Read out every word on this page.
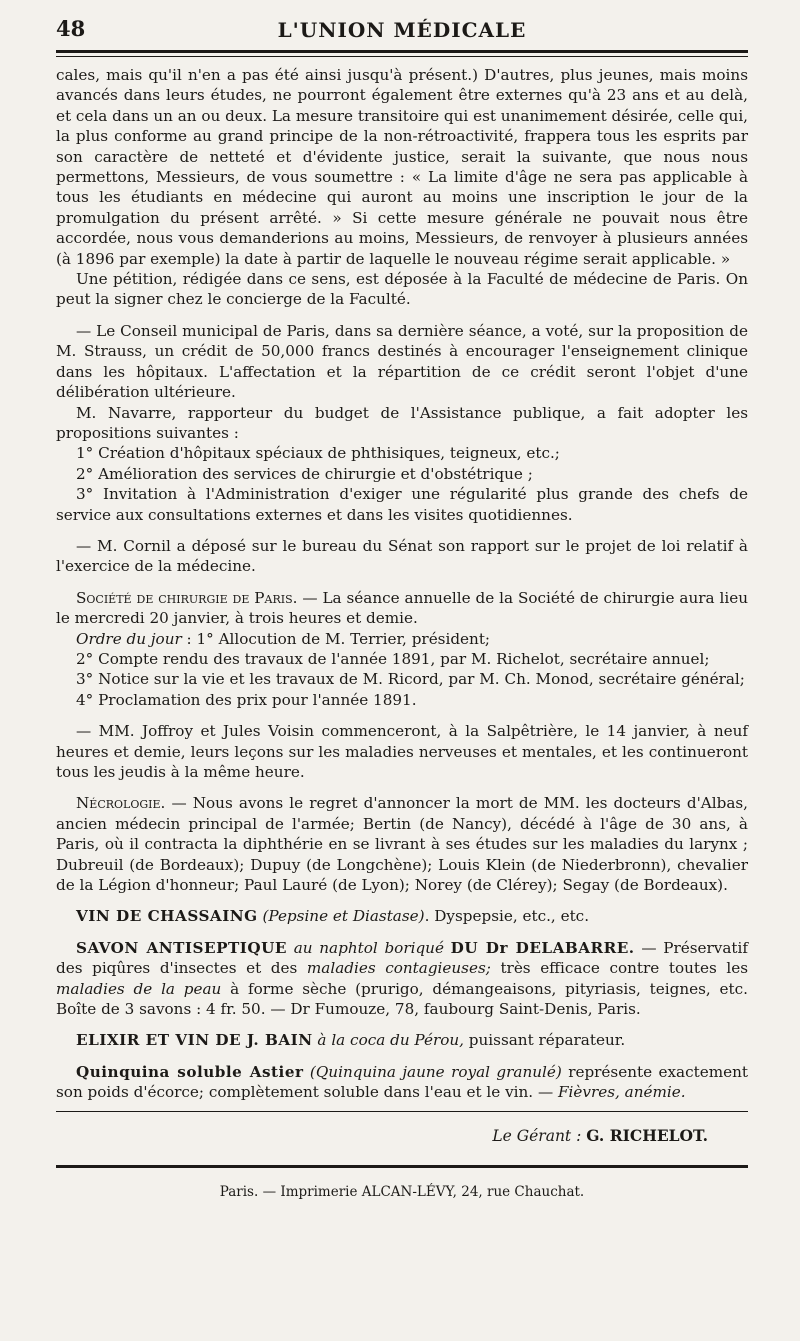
48	L'UNION MÉDICALE

cales, mais qu'il n'en a pas été ainsi jusqu'à présent.) D'autres, plus jeunes, mais moins avancés dans leurs études, ne pourront également être externes qu'à 23 ans et au delà, et cela dans un an ou deux. La mesure transitoire qui est unanimement désirée, celle qui, la plus conforme au grand principe de la non-rétroactivité, frappera tous les esprits par son caractère de netteté et d'évidente justice, serait la suivante, que nous nous permettons, Messieurs, de vous soumettre : « La limite d'âge ne sera pas applicable à tous les étudiants en médecine qui auront au moins une inscription le jour de la promulgation du présent arrêté. » Si cette mesure générale ne pouvait nous être accordée, nous vous demanderions au moins, Messieurs, de renvoyer à plusieurs années (à 1896 par exemple) la date à partir de laquelle le nouveau régime serait applicable. »

Une pétition, rédigée dans ce sens, est déposée à la Faculté de médecine de Paris. On peut la signer chez le concierge de la Faculté.

— Le Conseil municipal de Paris, dans sa dernière séance, a voté, sur la proposition de M. Strauss, un crédit de 50,000 francs destinés à encourager l'enseignement clinique dans les hôpitaux. L'affectation et la répartition de ce crédit seront l'objet d'une délibération ultérieure.

M. Navarre, rapporteur du budget de l'Assistance publique, a fait adopter les propositions suivantes :

1° Création d'hôpitaux spéciaux de phthisiques, teigneux, etc.;

2° Amélioration des services de chirurgie et d'obstétrique ;

3° Invitation à l'Administration d'exiger une régularité plus grande des chefs de service aux consultations externes et dans les visites quotidiennes.

— M. Cornil a déposé sur le bureau du Sénat son rapport sur le projet de loi relatif à l'exercice de la médecine.

Société de chirurgie de Paris. — La séance annuelle de la Société de chirurgie aura lieu le mercredi 20 janvier, à trois heures et demie.

Ordre du jour : 1° Allocution de M. Terrier, président;

2° Compte rendu des travaux de l'année 1891, par M. Richelot, secrétaire annuel;

3° Notice sur la vie et les travaux de M. Ricord, par M. Ch. Monod, secrétaire général;

4° Proclamation des prix pour l'année 1891.

— MM. Joffroy et Jules Voisin commenceront, à la Salpêtrière, le 14 janvier, à neuf heures et demie, leurs leçons sur les maladies nerveuses et mentales, et les continueront tous les jeudis à la même heure.

Nécrologie. — Nous avons le regret d'annoncer la mort de MM. les docteurs d'Albas, ancien médecin principal de l'armée; Bertin (de Nancy), décédé à l'âge de 30 ans, à Paris, où il contracta la diphthérie en se livrant à ses études sur les maladies du larynx ; Dubreuil (de Bordeaux); Dupuy (de Longchène); Louis Klein (de Niederbronn), chevalier de la Légion d'honneur; Paul Lauré (de Lyon); Norey (de Clérey); Segay (de Bordeaux).

VIN DE CHASSAING (Pepsine et Diastase). Dyspepsie, etc., etc.

SAVON ANTISEPTIQUE au naphtol boriqué DU Dr DELABARRE. — Préservatif des piqûres d'insectes et des maladies contagieuses; très efficace contre toutes les maladies de la peau à forme sèche (prurigo, démangeaisons, pityriasis, teignes, etc. Boîte de 3 savons : 4 fr. 50. — Dr Fumouze, 78, faubourg Saint-Denis, Paris.

ELIXIR ET VIN DE J. BAIN à la coca du Pérou, puissant réparateur.

Quinquina soluble Astier (Quinquina jaune royal granulé) représente exactement son poids d'écorce; complètement soluble dans l'eau et le vin. — Fièvres, anémie.

Le Gérant : G. RICHELOT.
Paris. — Imprimerie ALCAN-LÉVY, 24, rue Chauchat.
